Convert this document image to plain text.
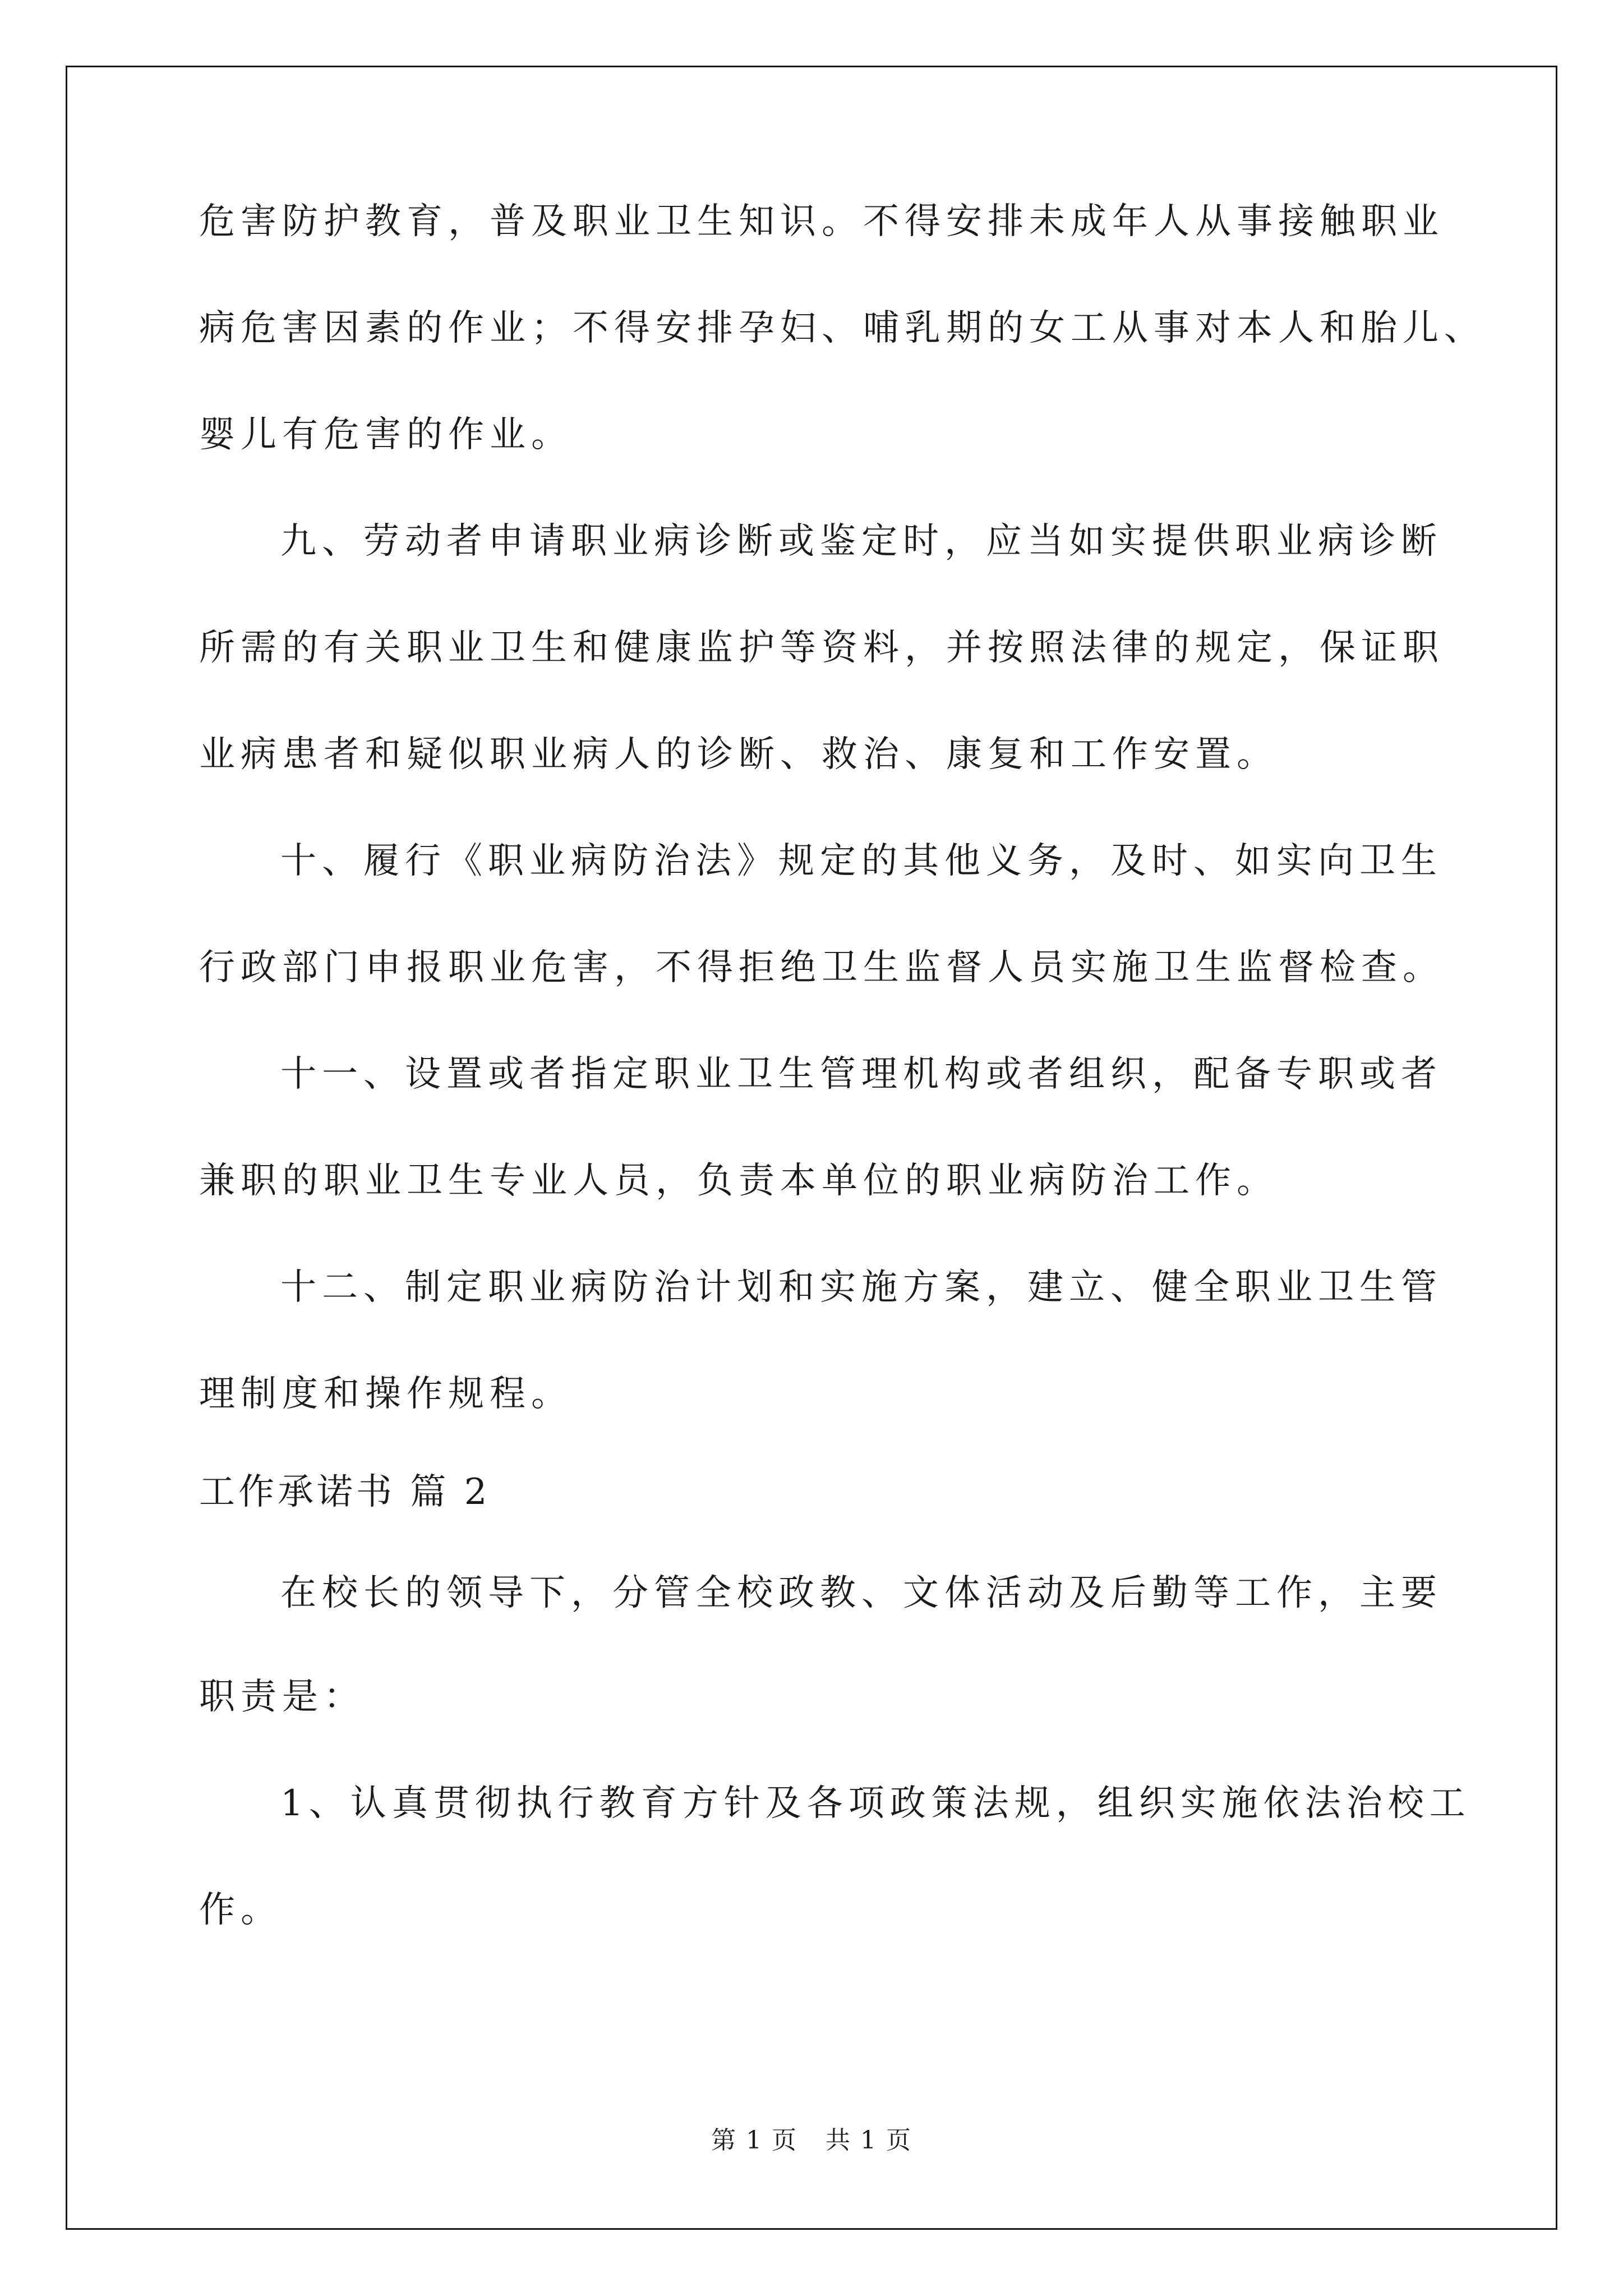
危害防护教育，普及职业卫生知识。不得安排未成年人从事接触职业
病危害因素的作业；不得安排孕妇、哺乳期的女工从事对本人和胎儿、
婴儿有危害的作业。
九、劳动者申请职业病诊断或鉴定时，应当如实提供职业病诊断
所需的有关职业卫生和健康监护等资料，并按照法律的规定，保证职
业病患者和疑似职业病人的诊断、救治、康复和工作安置。
十、履行《职业病防治法》规定的其他义务，及时、如实向卫生
行政部门申报职业危害，不得拒绝卫生监督人员实施卫生监督检查。
十一、设置或者指定职业卫生管理机构或者组织，配备专职或者
兼职的职业卫生专业人员，负责本单位的职业病防治工作。
十二、制定职业病防治计划和实施方案，建立、健全职业卫生管
理制度和操作规程。
工作承诺书 篇 2
在校长的领导下，分管全校政教、文体活动及后勤等工作，主要
职责是：
1、认真贯彻执行教育方针及各项政策法规，组织实施依法治校工
作。
第 1 页 共 1 页
